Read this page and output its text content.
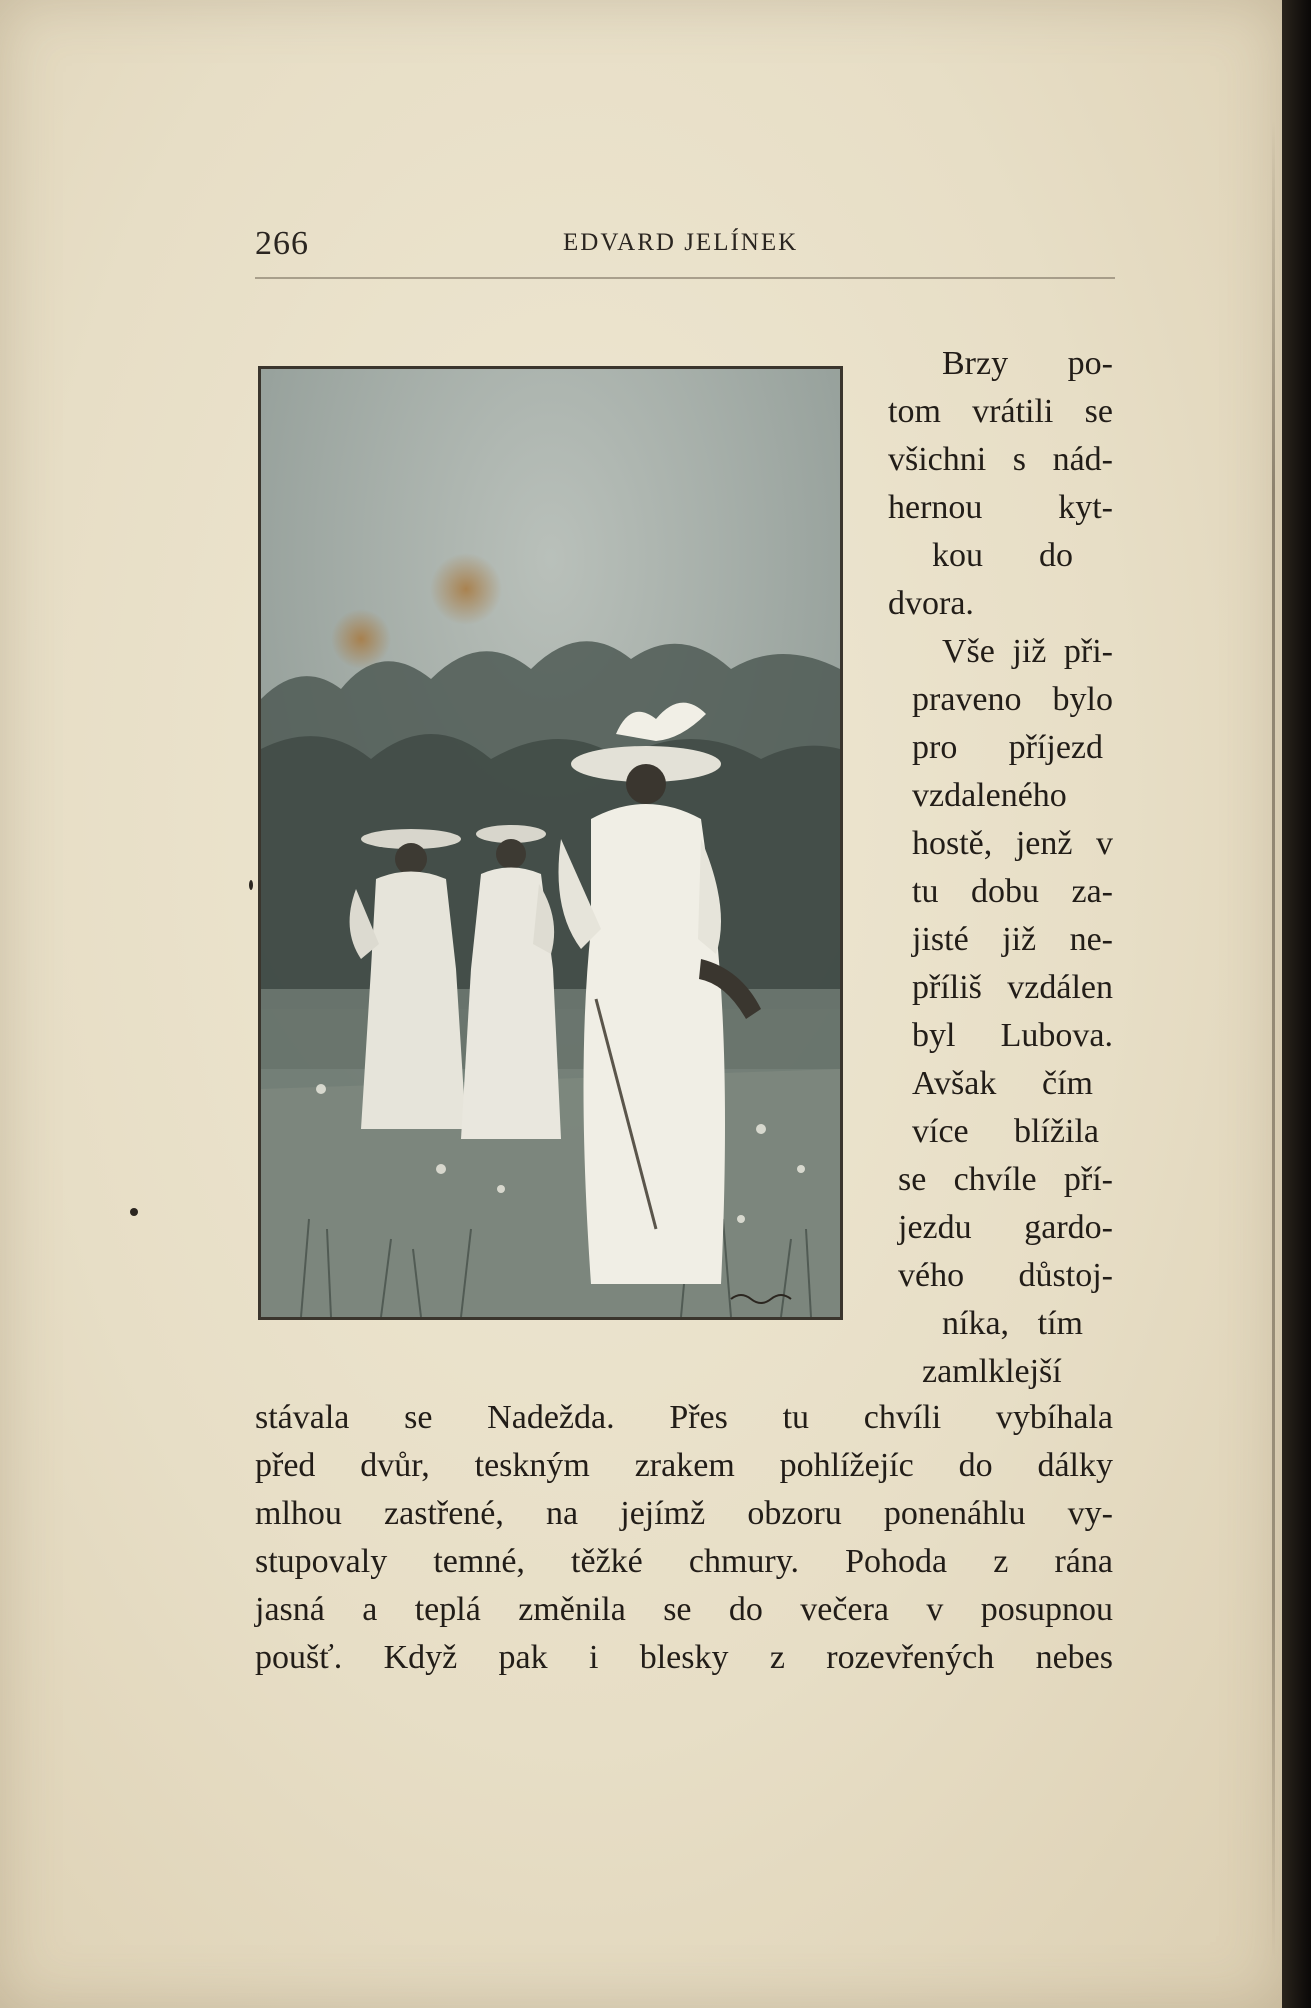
266	EDVARD JELÍNEK
Brzy po-
tom vrátili se
všichni s nád-
hernou kyt-
kou do
dvora.
Vše již při-
praveno bylo
pro příjezd
vzdaleného
hostě, jenž v
tu dobu za-
jisté již ne-
příliš vzdálen
byl Lubova.
Avšak čím
více blížila
se chvíle pří-
jezdu gardo-
vého důstoj-
níka, tím
zamlklejší
stávala se Nadežda. Přes tu chvíli vybíhala
před dvůr, teskným zrakem pohlížejíc do dálky
mlhou zastřené, na jejímž obzoru ponenáhlu vy-
stupovaly temné, těžké chmury. Pohoda z rána
jasná a teplá změnila se do večera v posupnou
poušť. Když pak i blesky z rozevřených nebes
